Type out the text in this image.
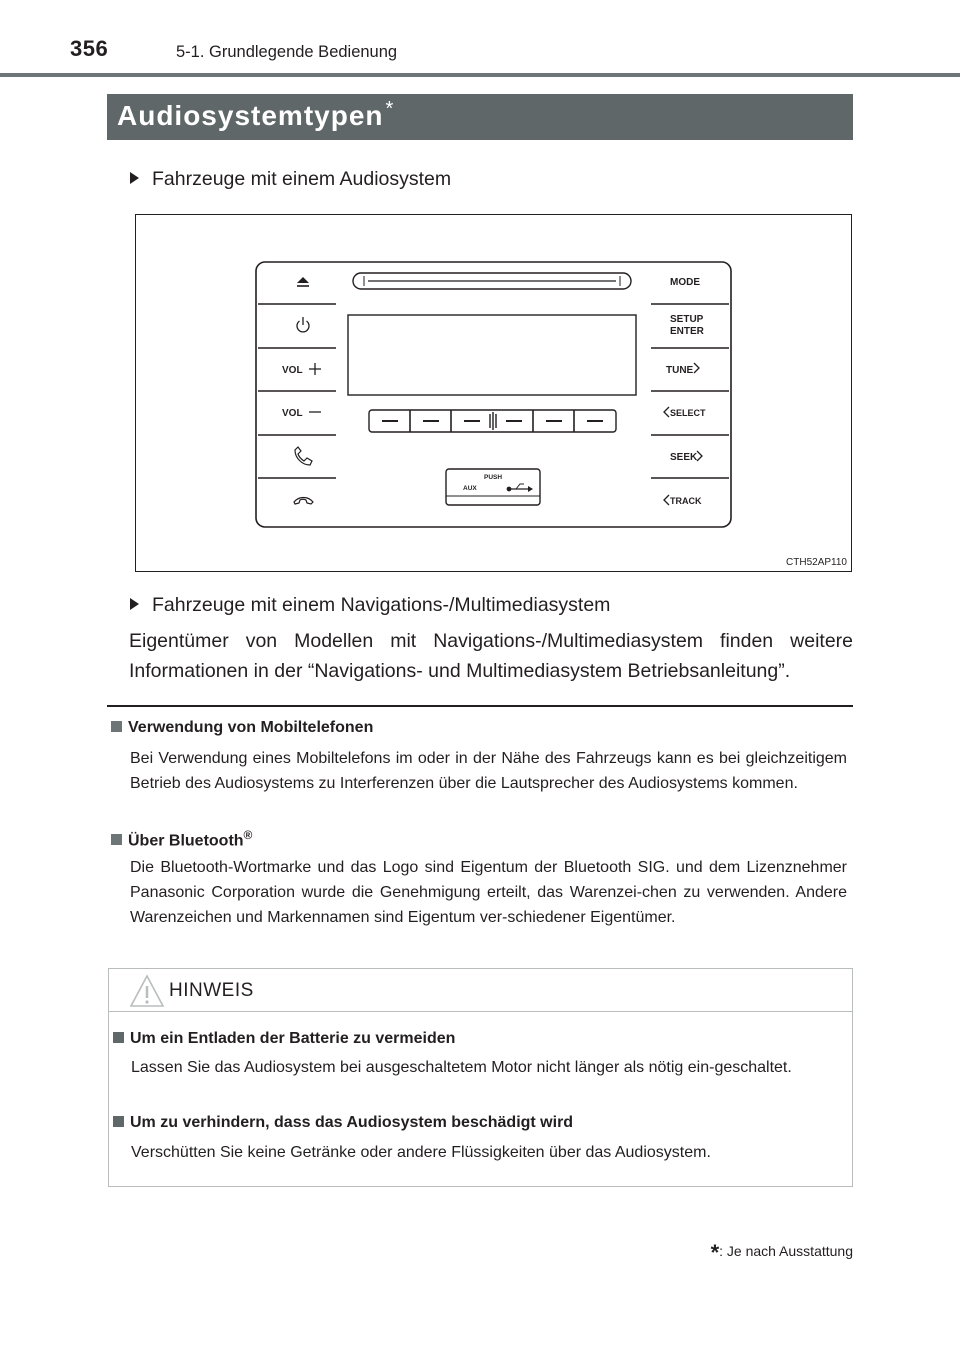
356	5-1. Grundlegende Bedienung
Audiosystemtypen *
Fahrzeuge mit einem Audiosystem
VOL
VOL
MODE
SETUP
ENTER
TUNE
SELECT
SEEK
TRACK
PUSH
AUX
CTH52AP110
Fahrzeuge mit einem Navigations-/Multimediasystem
Eigentümer von Modellen mit Navigations-/Multimediasystem finden weitere Informationen in der “Navigations- und Multimediasystem Betriebsanleitung”.
Verwendung von Mobiltelefonen
Bei Verwendung eines Mobiltelefons im oder in der Nähe des Fahrzeugs kann es bei gleichzeitigem Betrieb des Audiosystems zu Interferenzen über die Lautsprecher des Audiosystems kommen.
Über Bluetooth®
Die Bluetooth-Wortmarke und das Logo sind Eigentum der Bluetooth SIG. und dem Lizenznehmer Panasonic Corporation wurde die Genehmigung erteilt, das Warenzei-chen zu verwenden. Andere Warenzeichen und Markennamen sind Eigentum ver-schiedener Eigentümer.
HINWEIS
Um ein Entladen der Batterie zu vermeiden
Lassen Sie das Audiosystem bei ausgeschaltetem Motor nicht länger als nötig ein-geschaltet.
Um zu verhindern, dass das Audiosystem beschädigt wird
Verschütten Sie keine Getränke oder andere Flüssigkeiten über das Audiosystem.
*: Je nach Ausstattung
